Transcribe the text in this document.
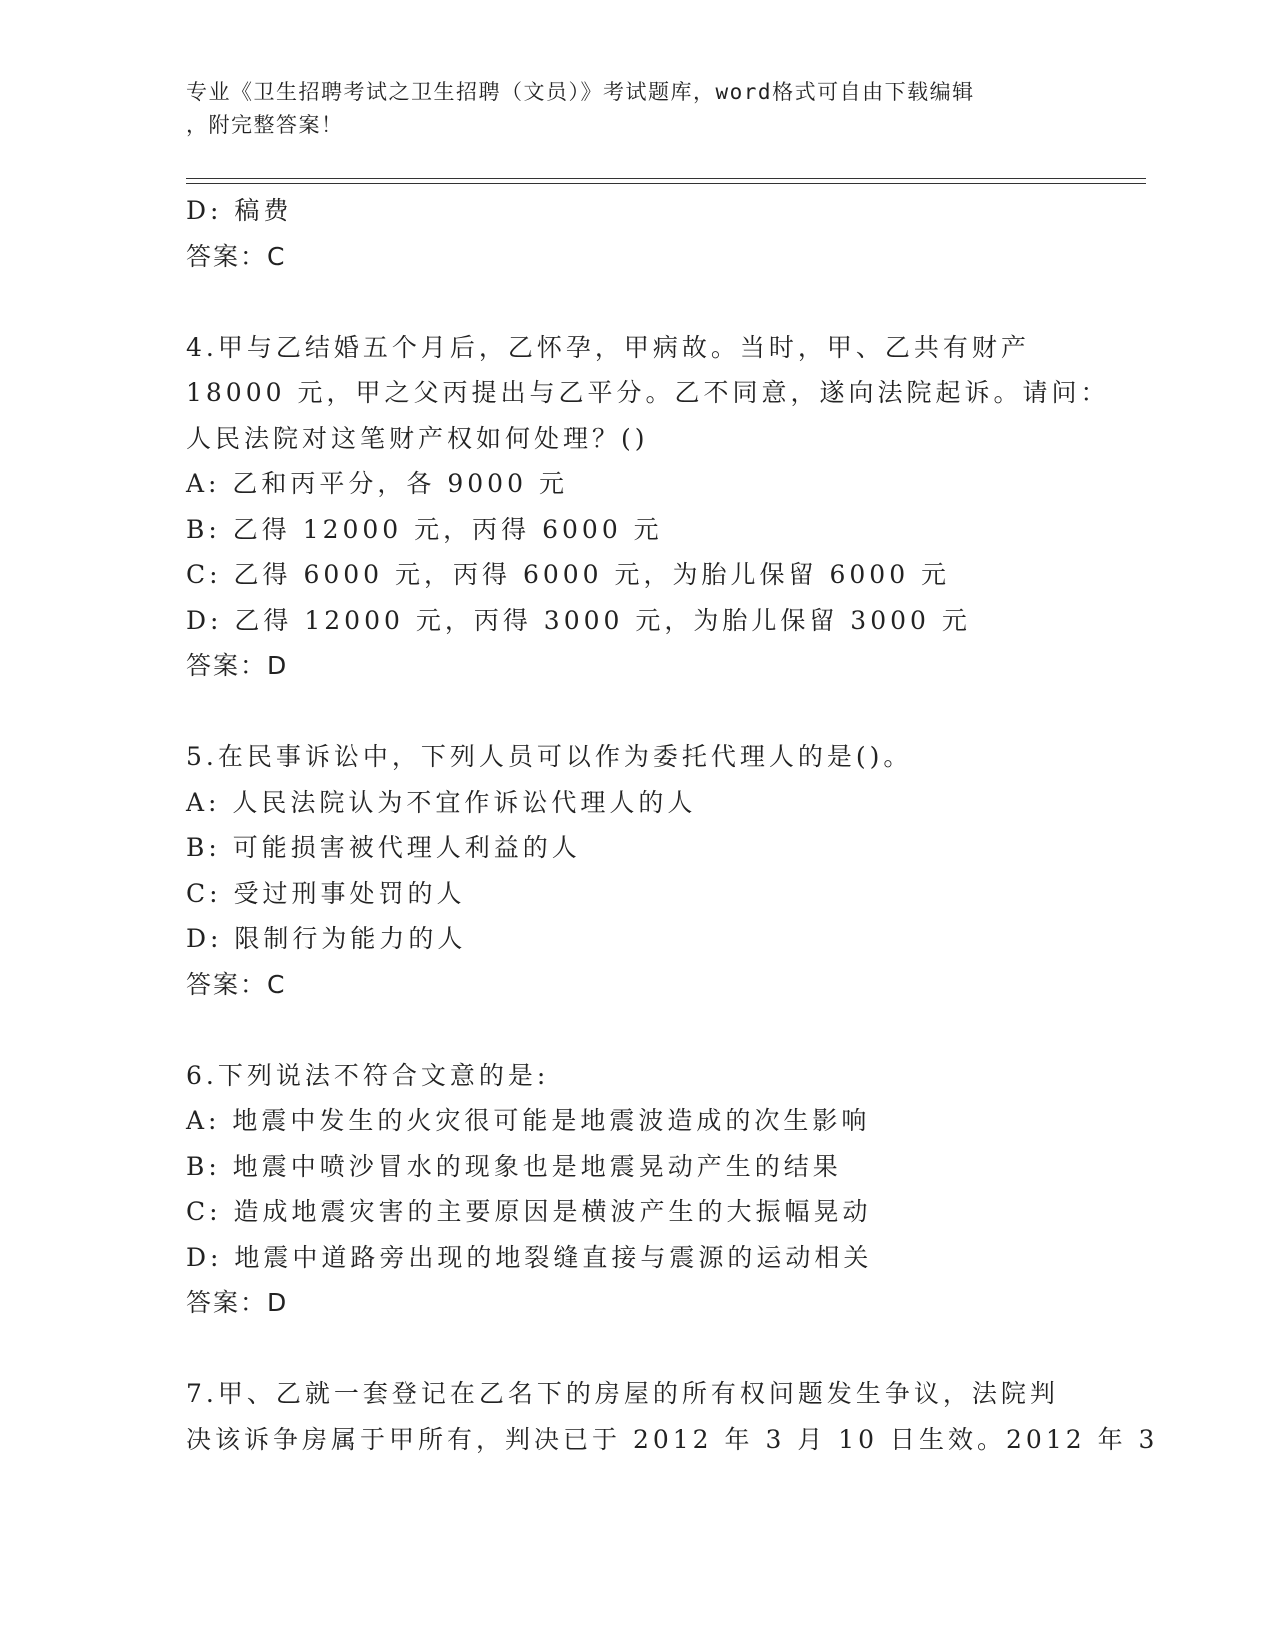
专业《卫生招聘考试之卫生招聘（文员）》考试题库，word格式可自由下载编辑
，附完整答案！
D: 稿费
答案：C
4.甲与乙结婚五个月后，乙怀孕，甲病故。当时，甲、乙共有财产
18000 元，甲之父丙提出与乙平分。乙不同意，遂向法院起诉。请问：
人民法院对这笔财产权如何处理？()
A: 乙和丙平分，各 9000 元
B: 乙得 12000 元，丙得 6000 元
C: 乙得 6000 元，丙得 6000 元，为胎儿保留 6000 元
D: 乙得 12000 元，丙得 3000 元，为胎儿保留 3000 元
答案：D
5.在民事诉讼中，下列人员可以作为委托代理人的是()。
A: 人民法院认为不宜作诉讼代理人的人
B: 可能损害被代理人利益的人
C: 受过刑事处罚的人
D: 限制行为能力的人
答案：C
6.下列说法不符合文意的是:
A: 地震中发生的火灾很可能是地震波造成的次生影响
B: 地震中喷沙冒水的现象也是地震晃动产生的结果
C: 造成地震灾害的主要原因是横波产生的大振幅晃动
D: 地震中道路旁出现的地裂缝直接与震源的运动相关
答案：D
7.甲、乙就一套登记在乙名下的房屋的所有权问题发生争议，法院判
决该诉争房属于甲所有，判决已于 2012 年 3 月 10 日生效。2012 年 3
